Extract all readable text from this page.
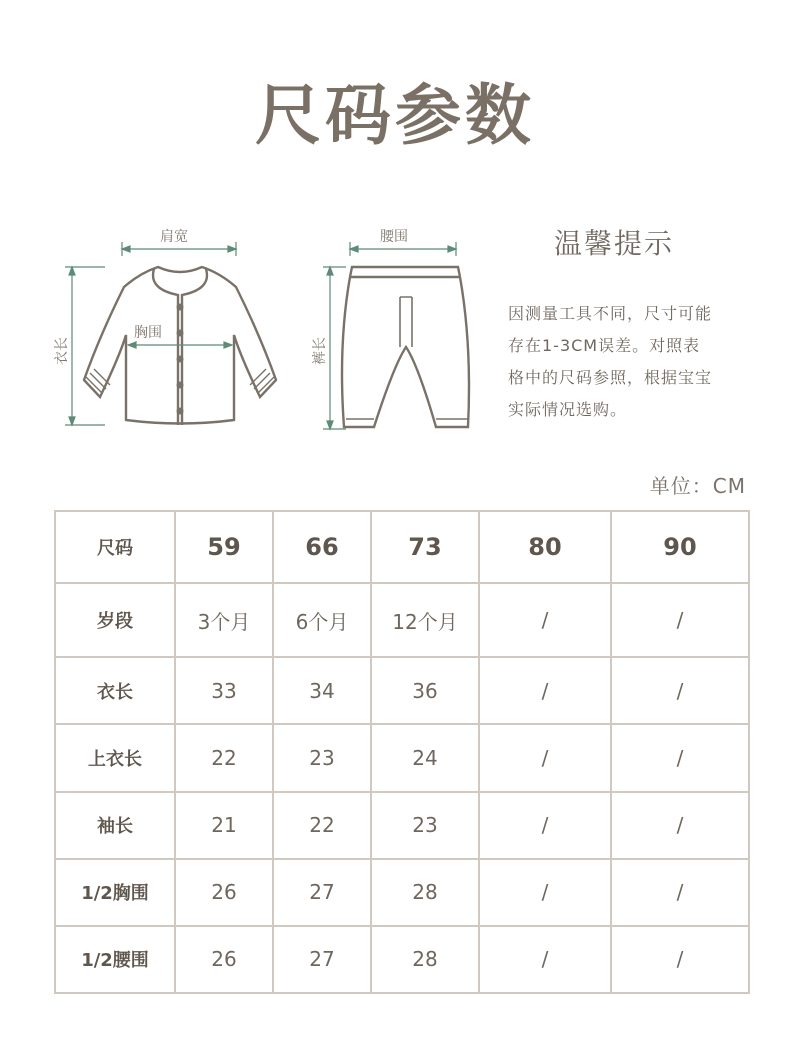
尺码参数
肩宽
衣长
胸围
腰围
裤长
温馨提示
因测量工具不同，尺寸可能
存在1-3CM误差。对照表
格中的尺码参照，根据宝宝
实际情况选购。
单位：CM
尺码	59	66	73	80	90
岁段	3个月	6个月	12个月	/	/
衣长	33	34	36	/	/
上衣长	22	23	24	/	/
袖长	21	22	23	/	/
1/2胸围	26	27	28	/	/
1/2腰围	26	27	28	/	/
